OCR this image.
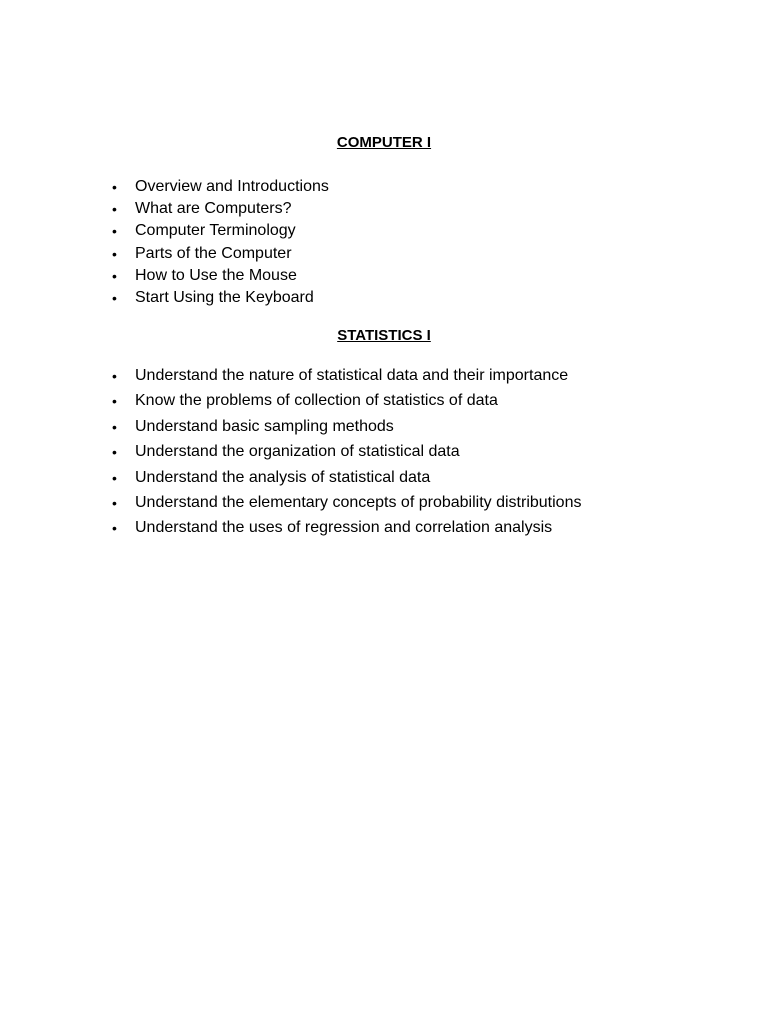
COMPUTER I
• Overview and Introductions
• What are Computers?
• Computer Terminology
• Parts of the Computer
• How to Use the Mouse
• Start Using the Keyboard
STATISTICS I
• Understand the nature of statistical data and their importance
• Know the problems of collection of statistics of data
• Understand basic sampling methods
• Understand the organization of statistical data
• Understand the analysis of statistical data
• Understand the elementary concepts of probability distributions
• Understand the uses of regression and correlation analysis
